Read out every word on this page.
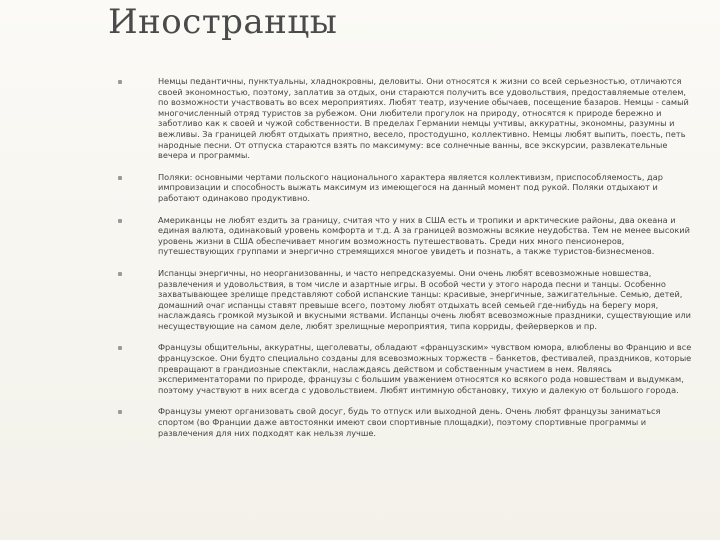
Иностранцы
Немцы педантичны, пунктуальны, хладнокровны, деловиты. Они относятся к жизни со всей серьезностью, отличаются своей экономностью, поэтому, заплатив за отдых, они стараются получить все удовольствия, предоставляемые отелем, по возможности участвовать во всех мероприятиях. Любят театр, изучение обычаев, посещение базаров. Немцы - самый многочисленный отряд туристов за рубежом. Они любители прогулок на природу, относятся к природе бережно и заботливо как к своей и чужой собственности. В пределах Германии немцы учтивы, аккуратны, экономны, разумны и вежливы. За границей любят отдыхать приятно, весело, простодушно, коллективно. Немцы любят выпить, поесть, петь народные песни. От отпуска стараются взять по максимуму: все солнечные ванны, все экскурсии, развлекательные вечера и программы.
Поляки: основными чертами польского национального характера является коллективизм, приспособляемость, дар импровизации и способность выжать максимум из имеющегося на данный момент под рукой. Поляки отдыхают и работают одинаково продуктивно.
Американцы не любят ездить за границу, считая что у них в США есть и тропики и арктические районы, два океана и единая валюта, одинаковый уровень комфорта и т.д. А за границей возможны всякие неудобства. Тем не менее высокий уровень жизни в США обеспечивает многим возможность путешествовать. Среди них много пенсионеров, путешествующих группами и энергично стремящихся многое увидеть и познать, а также туристов-бизнесменов.
Испанцы энергичны, но неорганизованны, и часто непредсказуемы. Они очень любят всевозможные новшества, развлечения и удовольствия, в том числе и азартные игры. В особой чести у этого народа песни и танцы. Особенно захватывающее зрелище представляют собой испанские танцы: красивые, энергичные, зажигательные. Семью, детей, домашний очаг испанцы ставят превыше всего, поэтому любят отдыхать всей семьей где-нибудь на берегу моря, наслаждаясь громкой музыкой и вкусными яствами. Испанцы очень любят всевозможные праздники, существующие или несуществующие на самом деле, любят зрелищные мероприятия, типа корриды, фейерверков и пр.
Французы общительны, аккуратны, щеголеваты, обладают «французским» чувством юмора, влюблены во Францию и все французское. Они будто специально созданы для всевозможных торжеств – банкетов, фестивалей, праздников, которые превращают в грандиозные спектакли, наслаждаясь действом и собственным участием в нем. Являясь экспериментаторами по природе, французы с большим уважением относятся ко всякого рода новшествам и выдумкам, поэтому участвуют в них всегда с удовольствием. Любят интимную обстановку, тихую и далекую от большого города.
Французы умеют организовать свой досуг, будь то отпуск или выходной день. Очень любят французы заниматься спортом (во Франции даже автостоянки имеют свои спортивные площадки), поэтому спортивные программы и развлечения для них подходят как нельзя лучше.
